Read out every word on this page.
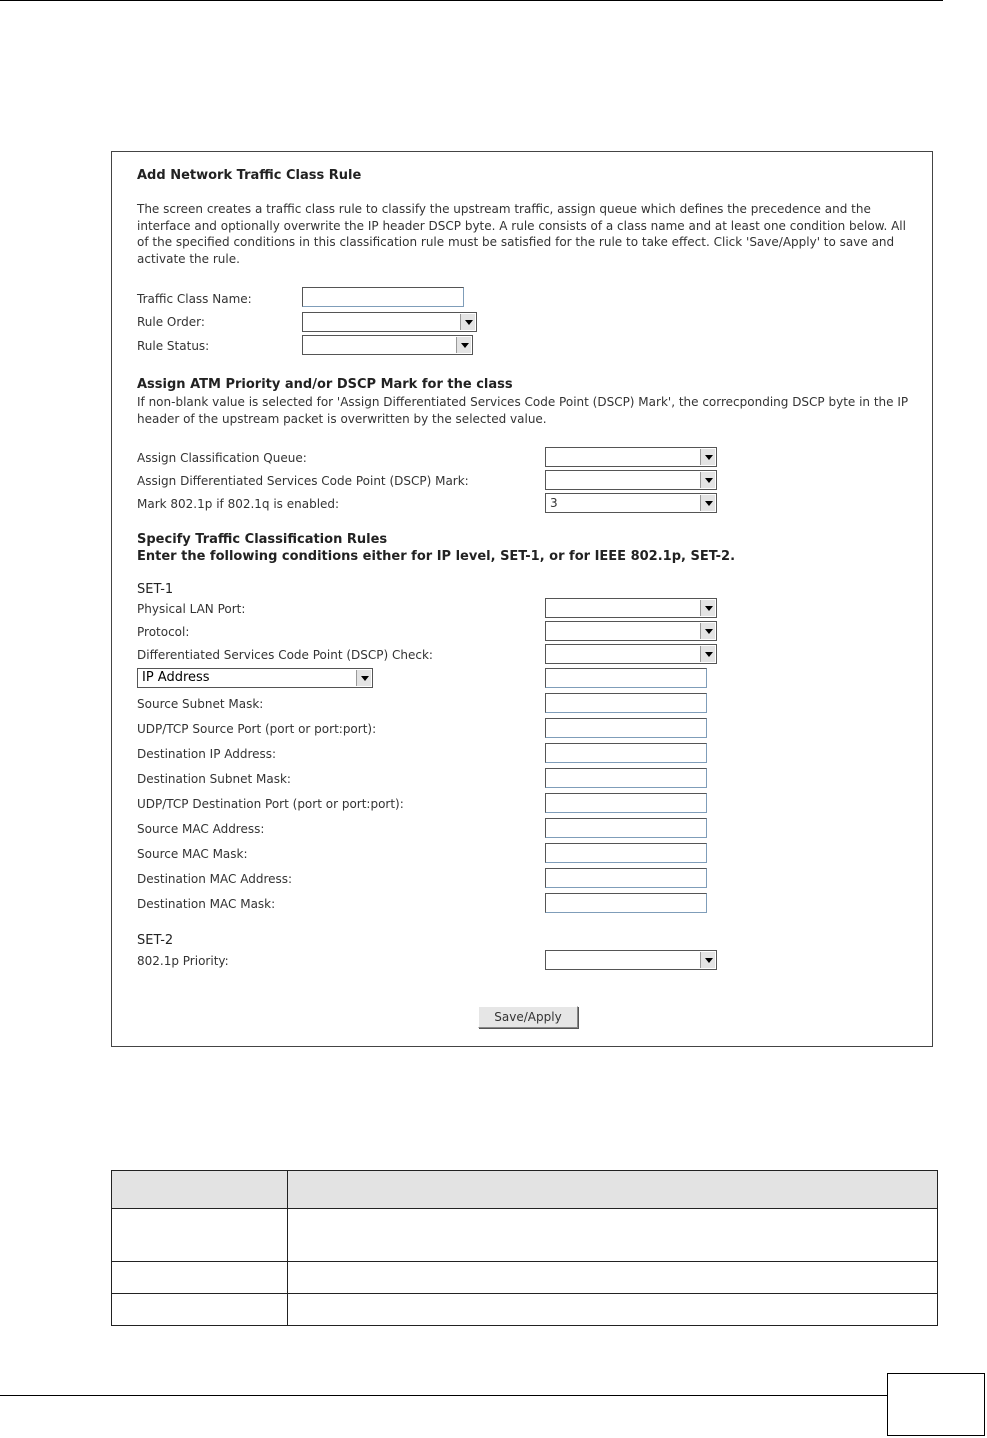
Add Network Traffic Class Rule
The screen creates a traffic class rule to classify the upstream traffic, assign queue which defines the precedence and the interface and optionally overwrite the IP header DSCP byte. A rule consists of a class name and at least one condition below. All of the specified conditions in this classification rule must be satisfied for the rule to take effect. Click 'Save/Apply' to save and activate the rule.
Traffic Class Name:
Rule Order:
Rule Status:
Assign ATM Priority and/or DSCP Mark for the class
If non-blank value is selected for 'Assign Differentiated Services Code Point (DSCP) Mark', the correcponding DSCP byte in the IP header of the upstream packet is overwritten by the selected value.
Assign Classification Queue:
Assign Differentiated Services Code Point (DSCP) Mark:
Mark 802.1p if 802.1q is enabled:	3
Specify Traffic Classification Rules
Enter the following conditions either for IP level, SET-1, or for IEEE 802.1p, SET-2.
SET-1
Physical LAN Port:
Protocol:
Differentiated Services Code Point (DSCP) Check:
IP Address
Source Subnet Mask:
UDP/TCP Source Port (port or port:port):
Destination IP Address:
Destination Subnet Mask:
UDP/TCP Destination Port (port or port:port):
Source MAC Address:
Source MAC Mask:
Destination MAC Address:
Destination MAC Mask:
SET-2
802.1p Priority:
Save/Apply
